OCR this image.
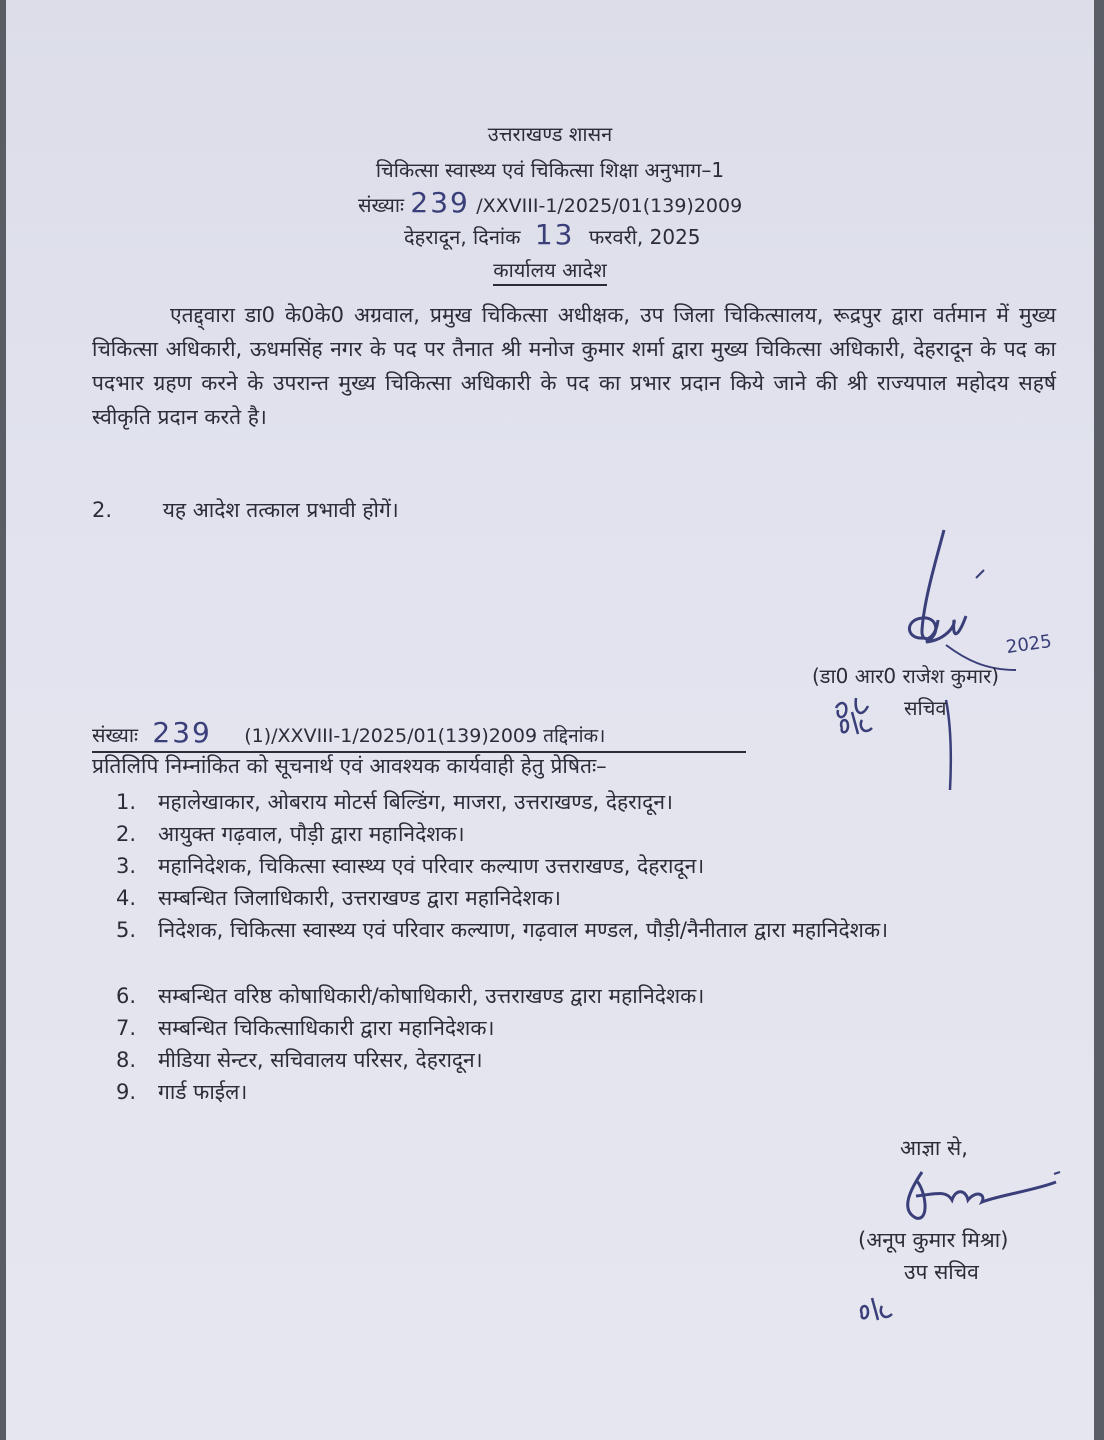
उत्तराखण्ड शासन
चिकित्सा स्वास्थ्य एवं चिकित्सा शिक्षा अनुभाग–1
संख्याः 239 /XXVIII-1/2025/01(139)2009
देहरादून, दिनांक 13 फरवरी, 2025
कार्यालय आदेश
एतद्द्वारा डा0 के0के0 अग्रवाल, प्रमुख चिकित्सा अधीक्षक, उप जिला चिकित्सालय, रूद्रपुर द्वारा वर्तमान में मुख्य चिकित्सा अधिकारी, ऊधमसिंह नगर के पद पर तैनात श्री मनोज कुमार शर्मा द्वारा मुख्य चिकित्सा अधिकारी, देहरादून के पद का पदभार ग्रहण करने के उपरान्त मुख्य चिकित्सा अधिकारी के पद का प्रभार प्रदान किये जाने की श्री राज्यपाल महोदय सहर्ष स्वीकृति प्रदान करते है।
2. यह आदेश तत्काल प्रभावी होगें।
2025
(डा0 आर0 राजेश कुमार)
सचिव
संख्याः 239 (1)/XXVIII-1/2025/01(139)2009 तद्दिनांक।
प्रतिलिपि निम्नांकित को सूचनार्थ एवं आवश्यक कार्यवाही हेतु प्रेषितः–
1.	महालेखाकार, ओबराय मोटर्स बिल्डिंग, माजरा, उत्तराखण्ड, देहरादून।
2.	आयुक्त गढ़वाल, पौड़ी द्वारा महानिदेशक।
3.	महानिदेशक, चिकित्सा स्वास्थ्य एवं परिवार कल्याण उत्तराखण्ड, देहरादून।
4.	सम्बन्धित जिलाधिकारी, उत्तराखण्ड द्वारा महानिदेशक।
5.	निदेशक, चिकित्सा स्वास्थ्य एवं परिवार कल्याण, गढ़वाल मण्डल, पौड़ी/नैनीताल द्वारा महानिदेशक।
6.	सम्बन्धित वरिष्ठ कोषाधिकारी/कोषाधिकारी, उत्तराखण्ड द्वारा महानिदेशक।
7.	सम्बन्धित चिकित्साधिकारी द्वारा महानिदेशक।
8.	मीडिया सेन्टर, सचिवालय परिसर, देहरादून।
9.	गार्ड फाईल।
आज्ञा से,
(अनूप कुमार मिश्रा)
उप सचिव
